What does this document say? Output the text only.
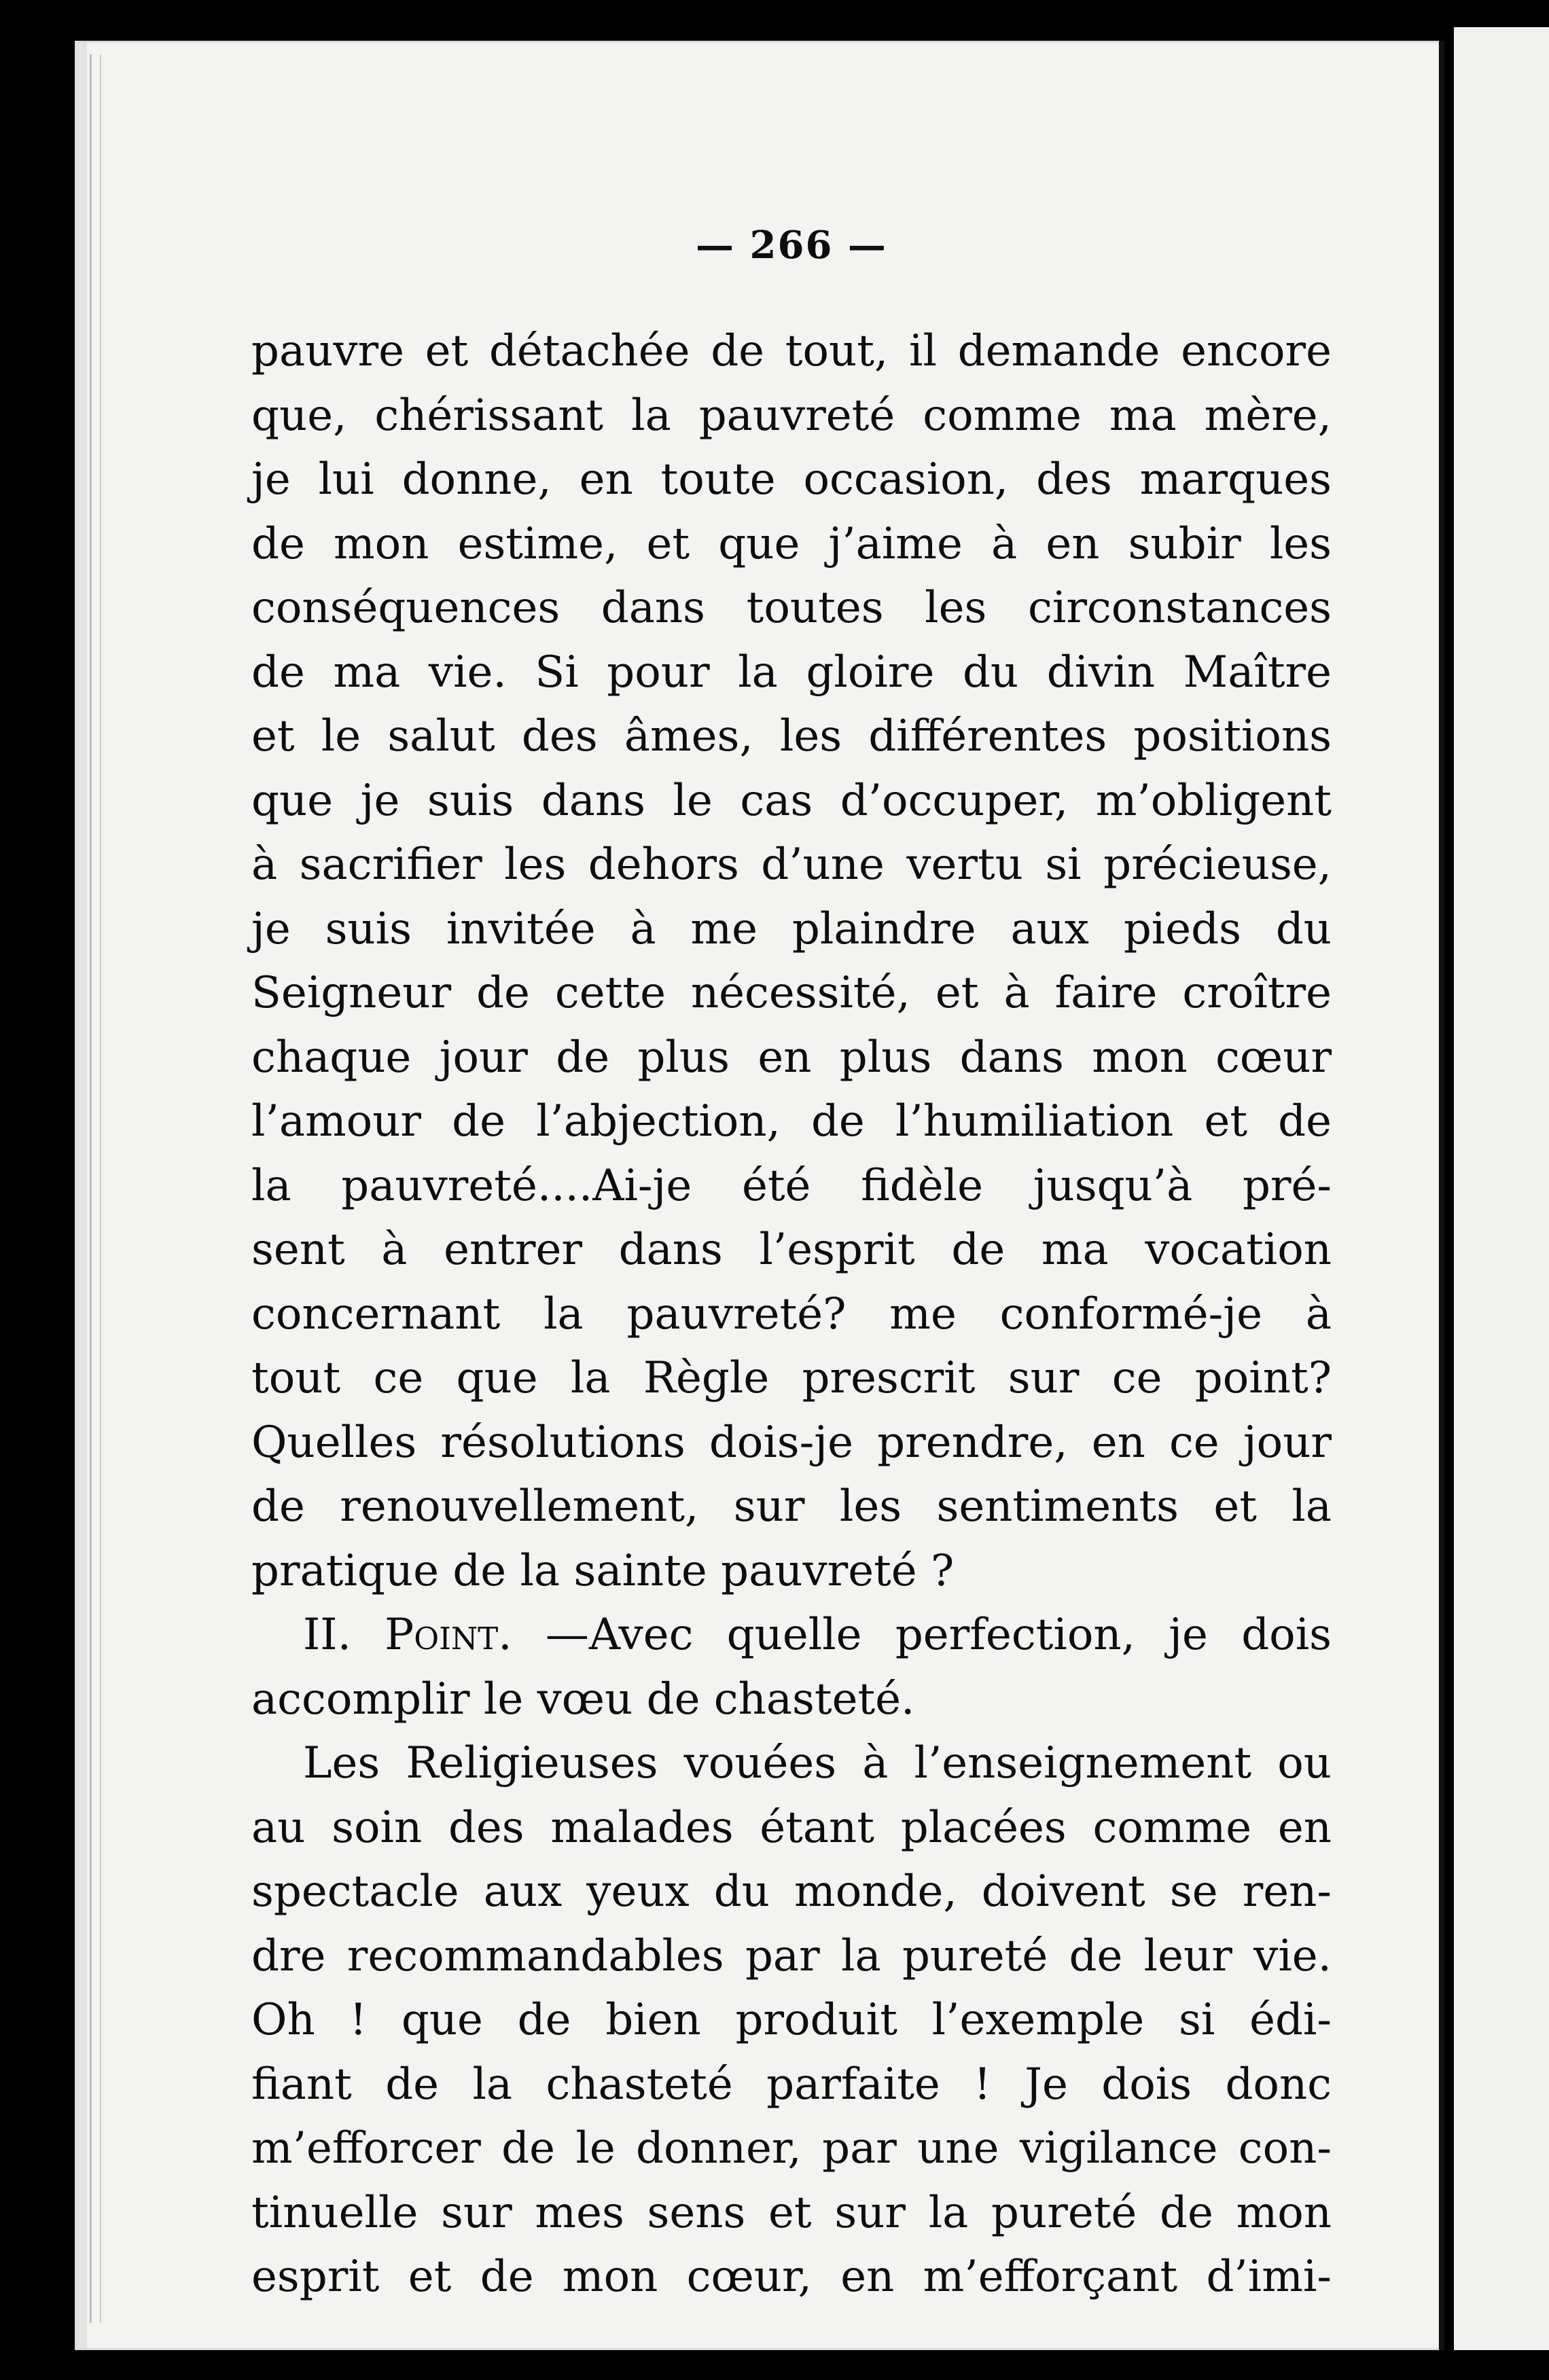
— 266 —
pauvre et détachée de tout, il demande encore
que, chérissant la pauvreté comme ma mère,
je lui donne, en toute occasion, des marques
de mon estime, et que j’aime à en subir les
conséquences dans toutes les circonstances
de ma vie. Si pour la gloire du divin Maître
et le salut des âmes, les différentes positions
que je suis dans le cas d’occuper, m’obligent
à sacrifier les dehors d’une vertu si précieuse,
je suis invitée à me plaindre aux pieds du
Seigneur de cette nécessité, et à faire croître
chaque jour de plus en plus dans mon cœur
l’amour de l’abjection, de l’humiliation et de
la pauvreté....Ai-je été fidèle jusqu’à pré-
sent à entrer dans l’esprit de ma vocation
concernant la pauvreté? me conformé-je à
tout ce que la Règle prescrit sur ce point?
Quelles résolutions dois-je prendre, en ce jour
de renouvellement, sur les sentiments et la
pratique de la sainte pauvreté ?
II. Point. —Avec quelle perfection, je dois
accomplir le vœu de chasteté.
Les Religieuses vouées à l’enseignement ou
au soin des malades étant placées comme en
spectacle aux yeux du monde, doivent se ren-
dre recommandables par la pureté de leur vie.
Oh ! que de bien produit l’exemple si édi-
fiant de la chasteté parfaite ! Je dois donc
m’efforcer de le donner, par une vigilance con-
tinuelle sur mes sens et sur la pureté de mon
esprit et de mon cœur, en m’efforçant d’imi-
